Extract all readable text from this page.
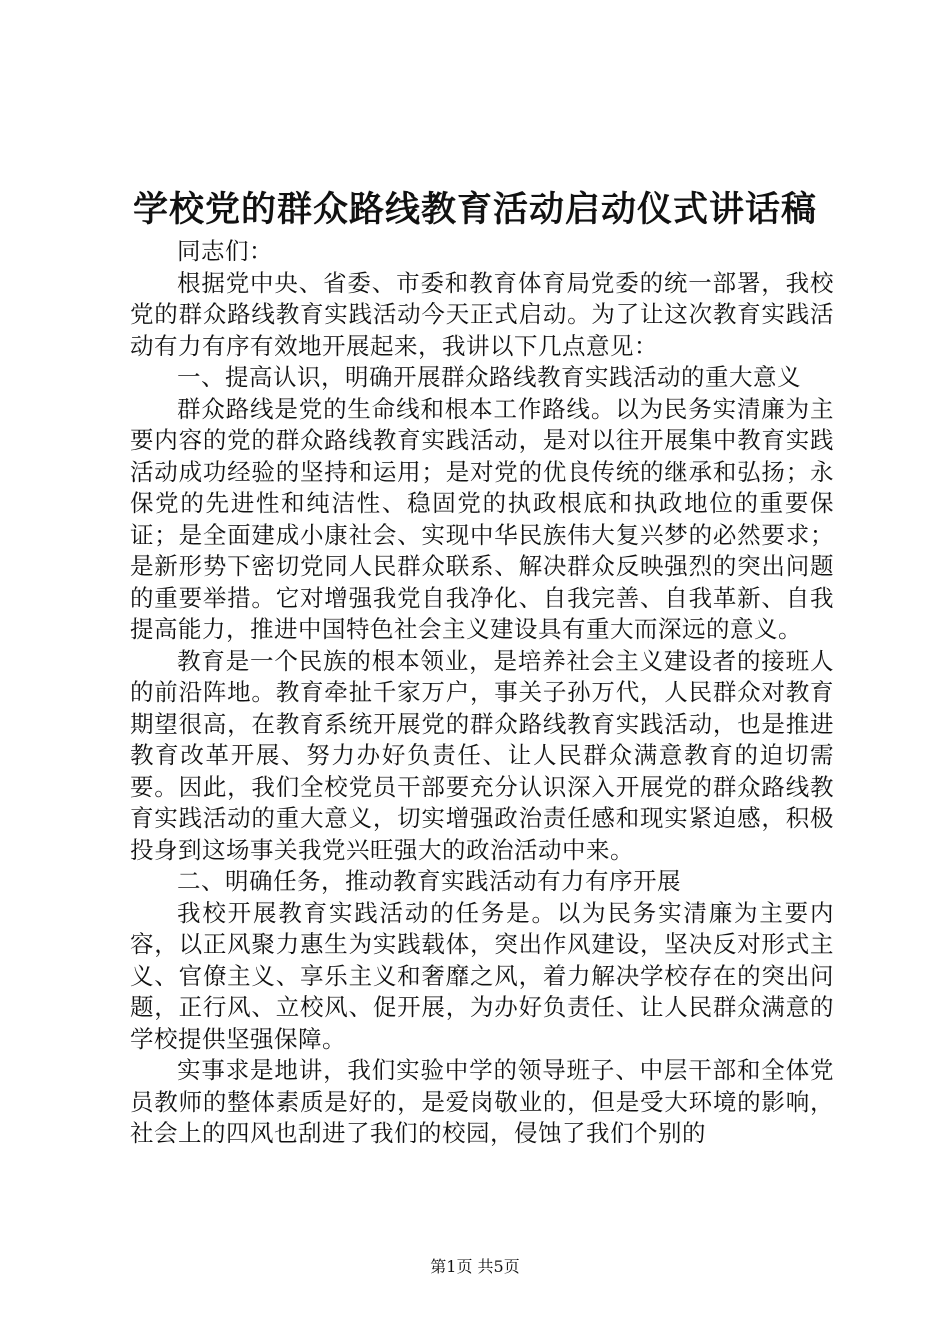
学校党的群众路线教育活动启动仪式讲话稿

同志们：

根据党中央、省委、市委和教育体育局党委的统一部署，我校党的群众路线教育实践活动今天正式启动。为了让这次教育实践活动有力有序有效地开展起来，我讲以下几点意见：

一、提高认识，明确开展群众路线教育实践活动的重大意义

群众路线是党的生命线和根本工作路线。以为民务实清廉为主要内容的党的群众路线教育实践活动，是对以往开展集中教育实践活动成功经验的坚持和运用；是对党的优良传统的继承和弘扬；永保党的先进性和纯洁性、稳固党的执政根底和执政地位的重要保证；是全面建成小康社会、实现中华民族伟大复兴梦的必然要求；是新形势下密切党同人民群众联系、解决群众反映强烈的突出问题的重要举措。它对增强我党自我净化、自我完善、自我革新、自我提高能力，推进中国特色社会主义建设具有重大而深远的意义。

教育是一个民族的根本领业，是培养社会主义建设者的接班人的前沿阵地。教育牵扯千家万户，事关子孙万代，人民群众对教育期望很高，在教育系统开展党的群众路线教育实践活动，也是推进教育改革开展、努力办好负责任、让人民群众满意教育的迫切需要。因此，我们全校党员干部要充分认识深入开展党的群众路线教育实践活动的重大意义，切实增强政治责任感和现实紧迫感，积极投身到这场事关我党兴旺强大的政治活动中来。

二、明确任务，推动教育实践活动有力有序开展

我校开展教育实践活动的任务是。以为民务实清廉为主要内容，以正风聚力惠生为实践载体，突出作风建设，坚决反对形式主义、官僚主义、享乐主义和奢靡之风，着力解决学校存在的突出问题，正行风、立校风、促开展，为办好负责任、让人民群众满意的学校提供坚强保障。

实事求是地讲，我们实验中学的领导班子、中层干部和全体党员教师的整体素质是好的，是爱岗敬业的，但是受大环境的影响，社会上的四风也刮进了我们的校园，侵蚀了我们个别的

第1页 共5页
